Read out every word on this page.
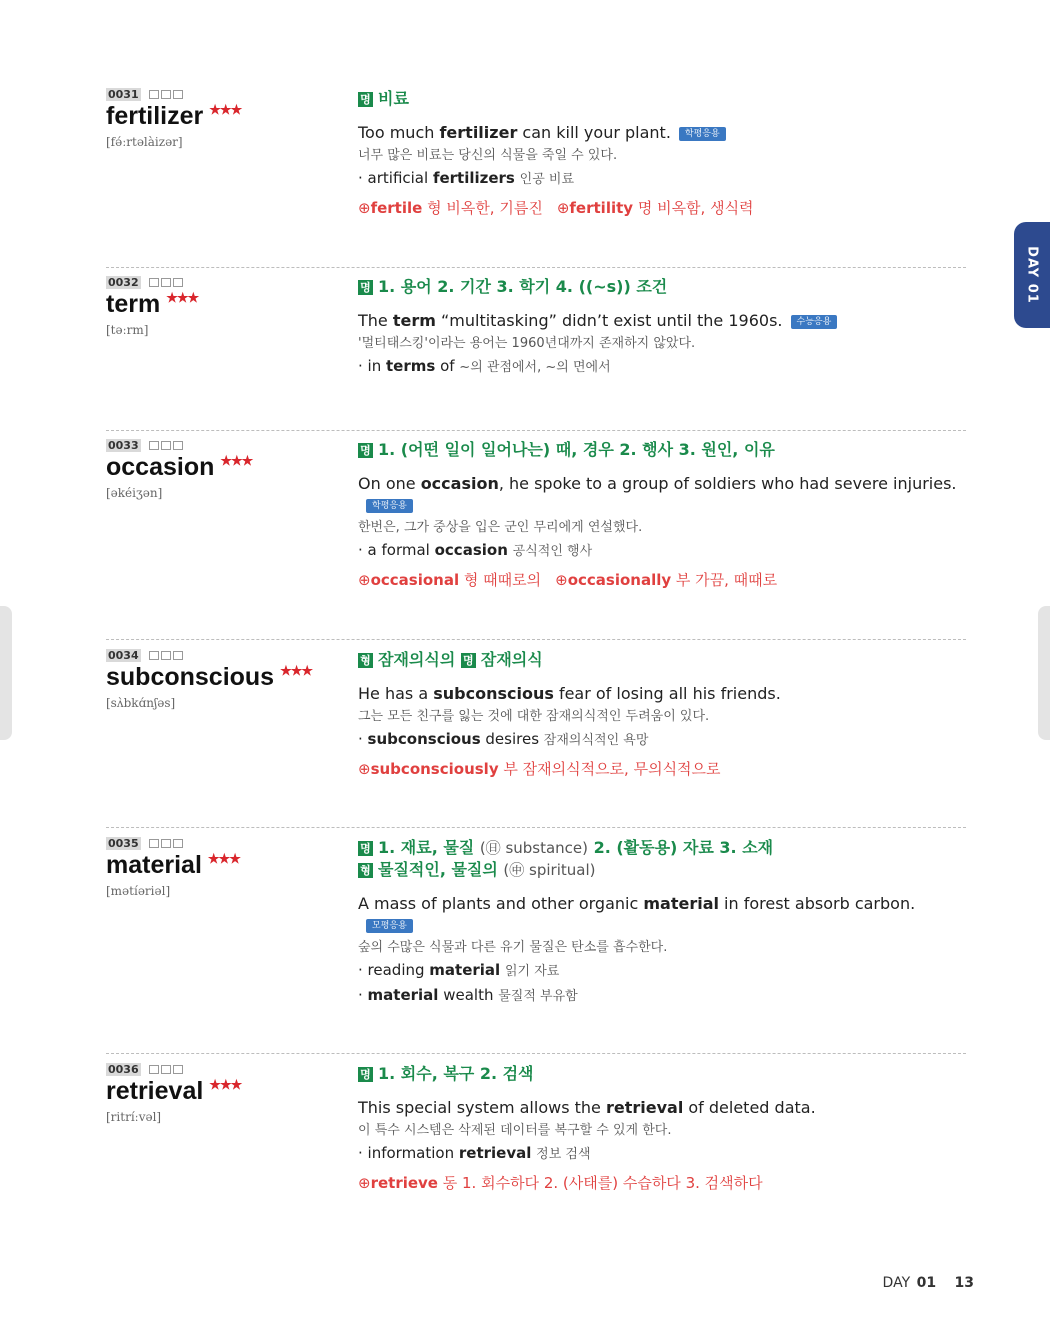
DAY 01
0031
fertilizer ★★★
[fə́ːrtəlàizər]
명 비료
Too much fertilizer can kill your plant. 학평응용
너무 많은 비료는 당신의 식물을 죽일 수 있다.
· artificial fertilizers 인공 비료
⊕fertile 형 비옥한, 기름진 ⊕fertility 명 비옥함, 생식력
0032
term ★★★
[təːrm]
명 1. 용어 2. 기간 3. 학기 4. ((~s)) 조건
The term “multitasking” didn’t exist until the 1960s. 수능응용
'멀티태스킹'이라는 용어는 1960년대까지 존재하지 않았다.
· in terms of ~의 관점에서, ~의 면에서
0033
occasion ★★★
[əkéiʒən]
명 1. (어떤 일이 일어나는) 때, 경우 2. 행사 3. 원인, 이유
On one occasion, he spoke to a group of soldiers who had severe injuries.학평응용
한번은, 그가 중상을 입은 군인 무리에게 연설했다.
· a formal occasion 공식적인 행사
⊕occasional 형 때때로의 ⊕occasionally 부 가끔, 때때로
0034
subconscious ★★★
[sʌ̀bkɑ́nʃəs]
형 잠재의식의 명 잠재의식
He has a subconscious fear of losing all his friends.
그는 모든 친구를 잃는 것에 대한 잠재의식적인 두려움이 있다.
· subconscious desires 잠재의식적인 욕망
⊕subconsciously 부 잠재의식적으로, 무의식적으로
0035
material ★★★
[mətíəriəl]
명 1. 재료, 물질 (㊐ substance) 2. (활동용) 자료 3. 소재
형 물질적인, 물질의 (㊥ spiritual)
A mass of plants and other organic material in forest absorb carbon.모평응용
숲의 수많은 식물과 다른 유기 물질은 탄소를 흡수한다.
· reading material 읽기 자료
· material wealth 물질적 부유함
0036
retrieval ★★★
[ritríːvəl]
명 1. 회수, 복구 2. 검색
This special system allows the retrieval of deleted data.
이 특수 시스템은 삭제된 데이터를 복구할 수 있게 한다.
· information retrieval 정보 검색
⊕retrieve 동 1. 회수하다 2. (사태를) 수습하다 3. 검색하다
DAY 01 13
